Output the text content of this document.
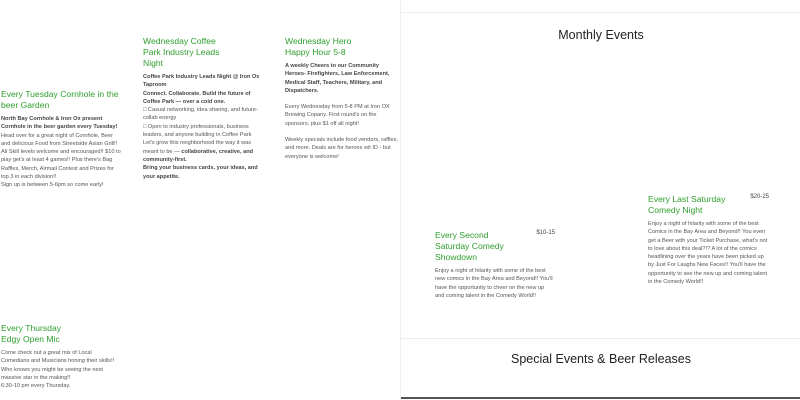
Every Tuesday Cornhole in the beer Garden

North Bay Cornhole & Iron Ox present Cornhole in the beer garden every Tuesday! Head over for a great night of Cornhole, Beer and delicious Food from Streetside Asian Grill!! All Skill levels welcome and encouraged!! $10 to play get's at least 4 games!! Plus there's Bag Raffles, Merch, Airmail Contest and Prizes for top 3 in each division!!

Sign up is between 5-6pm so come early!

Wednesday Coffee Park Industry Leads Night

Coffee Park Industry Leads Night @ Iron Ox Taproom

Connect. Collaborate. Build the future of Coffee Park — over a cold one.

□ Casual networking, idea sharing, and future-collab energy

□ Open to industry professionals, business leaders, and anyone building in Coffee Park

Let's grow this neighborhood the way it was meant to be — collaborative, creative, and community-first.

Bring your business cards, your ideas, and your appetite.

Wednesday Hero Happy Hour 5-8

A weekly Cheers to our Community Heroes- Firefighters, Law Enforcement, Medical Staff, Teachers, Military, and Dispatchers.

Every Wednesday from 5-8 PM at Iron OX Brewing Copany. First round's on the sponsors, plus $1 off all night!

Weekly specials include food vendors, raffles, and more. Deals are for heroes wit ID - but everyone is welcome!

Every Thursday Edgy Open Mic

Come check out a great mix of Local Comedians and Musicians honing their skills!! Who knows you might be seeing the next massive star in the making!!

6:30-10 pm every Thursday.

Monthly Events
Every Second Saturday Comedy Showdown
$10-15

Enjoy a night of hilarity with some of the best new comics in the Bay Area and Beyond!! You'll have the opportunity to cheer on the new up and coming talent in the Comedy World!!

Every Last Saturday Comedy Night
$20-25

Enjoy a night of hilarity with some of the best Comics in the Bay Area and Beyond!! You even get a Beer with your Ticket Purchase, what's not to love about this deal?!? A lot of the comics headlining over the years have been picked up by Just For Laughs New Faces!! You'll have the opportunity to see the new up and coming talent in the Comedy World!!

Special Events & Beer Releases
